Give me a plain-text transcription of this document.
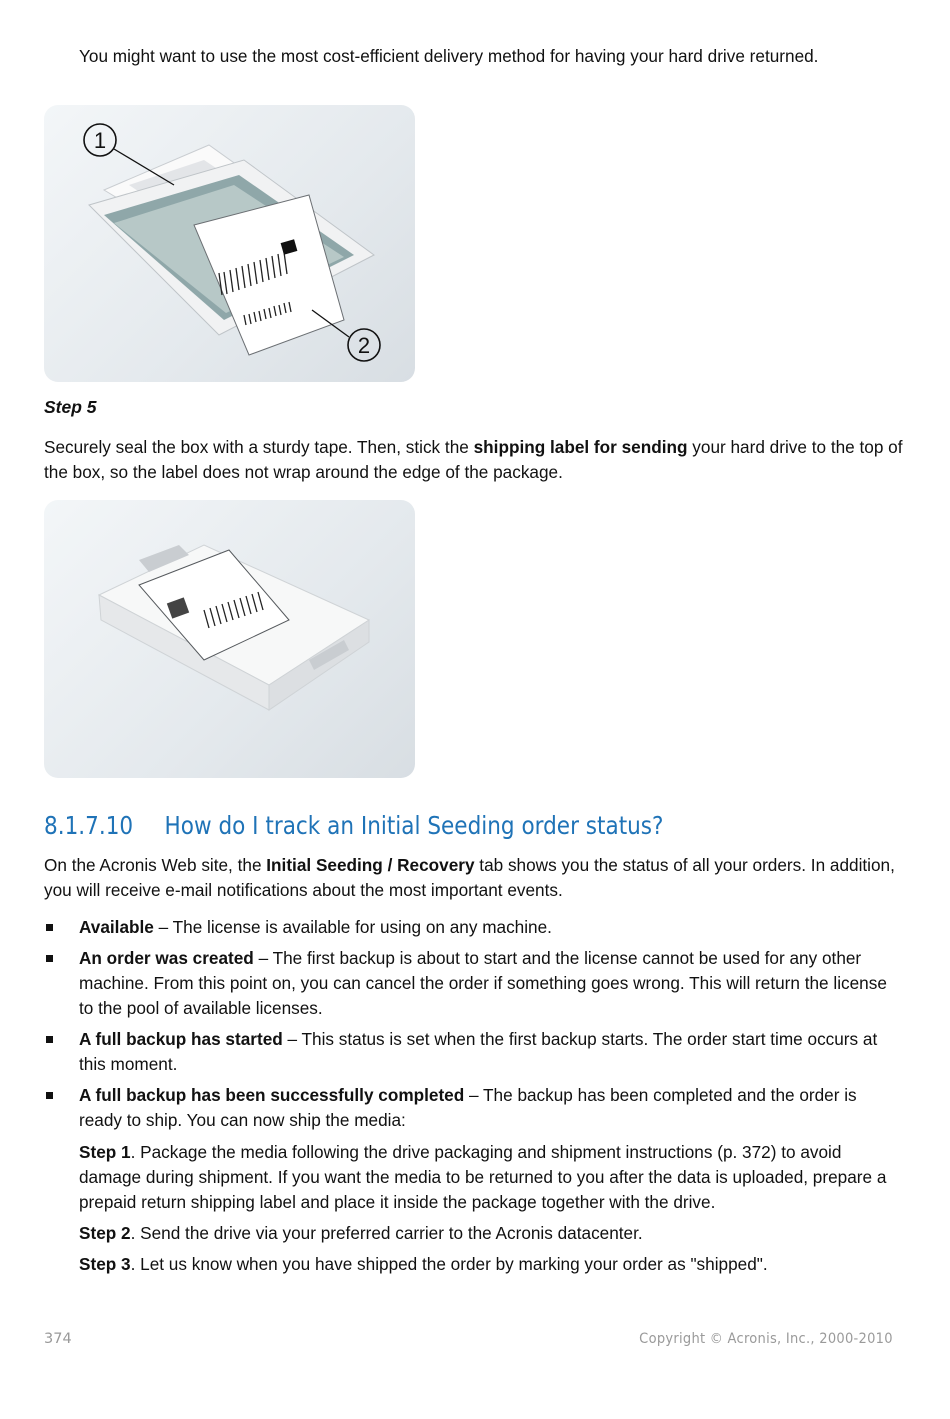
You might want to use the most cost-efficient delivery method for having your hard drive returned.
1
2
Step 5
Securely seal the box with a sturdy tape. Then, stick the shipping label for sending your hard drive to the top of the box, so the label does not wrap around the edge of the package.
8.1.7.10 How do I track an Initial Seeding order status?
On the Acronis Web site, the Initial Seeding / Recovery tab shows you the status of all your orders. In addition, you will receive e-mail notifications about the most important events.
Available – The license is available for using on any machine.
An order was created – The first backup is about to start and the license cannot be used for any other machine. From this point on, you can cancel the order if something goes wrong. This will return the license to the pool of available licenses.
A full backup has started – This status is set when the first backup starts. The order start time occurs at this moment.
A full backup has been successfully completed – The backup has been completed and the order is ready to ship. You can now ship the media:

Step 1. Package the media following the drive packaging and shipment instructions (p. 372) to avoid damage during shipment. If you want the media to be returned to you after the data is uploaded, prepare a prepaid return shipping label and place it inside the package together with the drive.

Step 2. Send the drive via your preferred carrier to the Acronis datacenter.

Step 3. Let us know when you have shipped the order by marking your order as "shipped".

374	Copyright © Acronis, Inc., 2000-2010
